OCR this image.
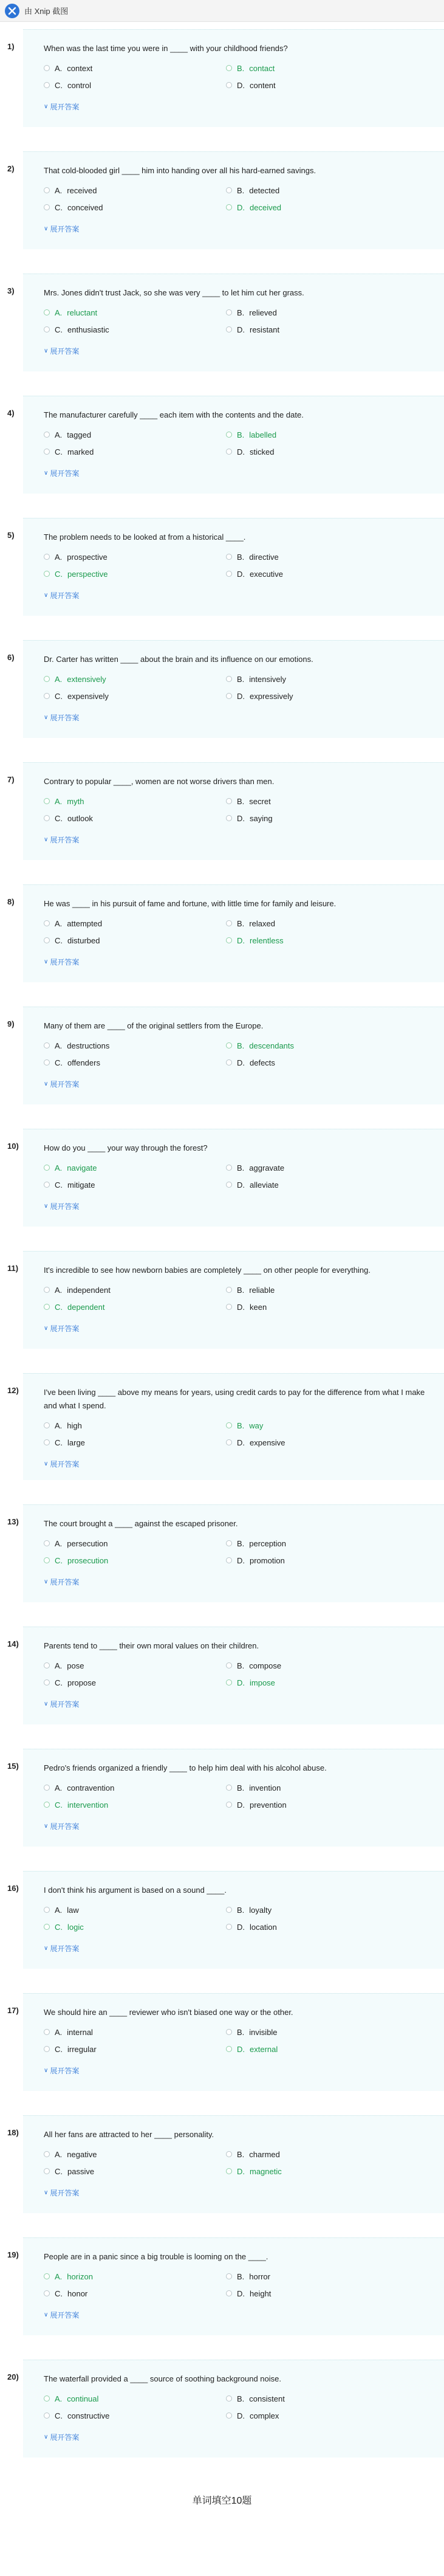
由 Xnip 截图
1)	When was the last time you were in ____ with your childhood friends?
A. context	B. contact
C. control	D. content
∨ 展开答案
2)	That cold-blooded girl ____ him into handing over all his hard-earned savings.
A. received	B. detected
C. conceived	D. deceived
∨ 展开答案
3)	Mrs. Jones didn't trust Jack, so she was very ____ to let him cut her grass.
A. reluctant	B. relieved
C. enthusiastic	D. resistant
∨ 展开答案
4)	The manufacturer carefully ____ each item with the contents and the date.
A. tagged	B. labelled
C. marked	D. sticked
∨ 展开答案
5)	The problem needs to be looked at from a historical ____.
A. prospective	B. directive
C. perspective	D. executive
∨ 展开答案
6)	Dr. Carter has written ____ about the brain and its influence on our emotions.
A. extensively	B. intensively
C. expensively	D. expressively
∨ 展开答案
7)	Contrary to popular ____, women are not worse drivers than men.
A. myth	B. secret
C. outlook	D. saying
∨ 展开答案
8)	He was ____ in his pursuit of fame and fortune, with little time for family and leisure.
A. attempted	B. relaxed
C. disturbed	D. relentless
∨ 展开答案
9)	Many of them are ____ of the original settlers from the Europe.
A. destructions	B. descendants
C. offenders	D. defects
∨ 展开答案
10)	How do you ____ your way through the forest?
A. navigate	B. aggravate
C. mitigate	D. alleviate
∨ 展开答案
11)	It's incredible to see how newborn babies are completely ____ on other people for everything.
A. independent	B. reliable
C. dependent	D. keen
∨ 展开答案
12)	I've been living ____ above my means for years, using credit cards to pay for the difference from what I make and what I spend.
A. high	B. way
C. large	D. expensive
∨ 展开答案
13)	The court brought a ____ against the escaped prisoner.
A. persecution	B. perception
C. prosecution	D. promotion
∨ 展开答案
14)	Parents tend to ____ their own moral values on their children.
A. pose	B. compose
C. propose	D. impose
∨ 展开答案
15)	Pedro's friends organized a friendly ____ to help him deal with his alcohol abuse.
A. contravention	B. invention
C. intervention	D. prevention
∨ 展开答案
16)	I don't think his argument is based on a sound ____.
A. law	B. loyalty
C. logic	D. location
∨ 展开答案
17)	We should hire an ____ reviewer who isn't biased one way or the other.
A. internal	B. invisible
C. irregular	D. external
∨ 展开答案
18)	All her fans are attracted to her ____ personality.
A. negative	B. charmed
C. passive	D. magnetic
∨ 展开答案
19)	People are in a panic since a big trouble is looming on the ____.
A. horizon	B. horror
C. honor	D. height
∨ 展开答案
20)	The waterfall provided a ____ source of soothing background noise.
A. continual	B. consistent
C. constructive	D. complex
∨ 展开答案
单词填空10题
